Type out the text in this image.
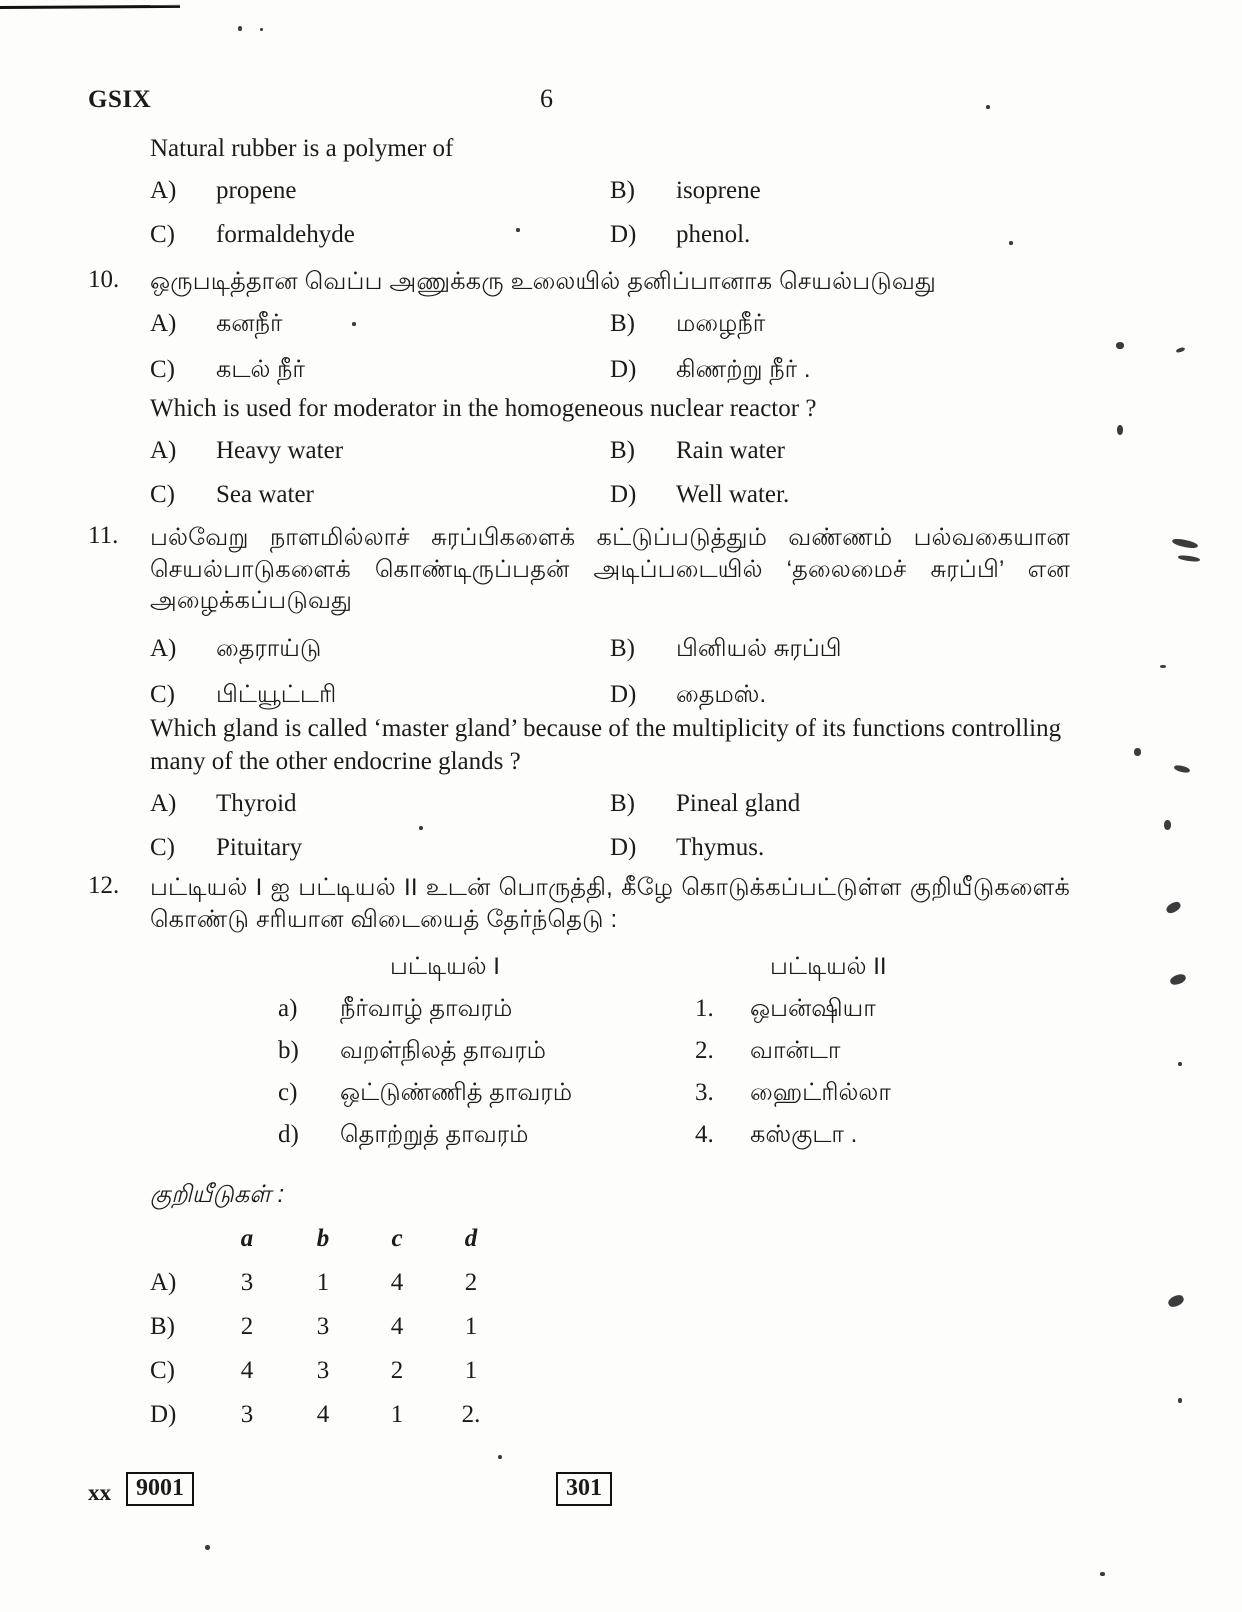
GSIX	6
Natural rubber is a polymer of
A)	propene	B)	isoprene
C)	formaldehyde	D)	phenol.
10.	ஒருபடித்தான வெப்ப அணுக்கரு உலையில் தனிப்பானாக செயல்படுவது
A)	கனநீர்	B)	மழைநீர்
C)	கடல் நீர்	D)	கிணற்று நீர் .
Which is used for moderator in the homogeneous nuclear reactor ?
A)	Heavy water	B)	Rain water
C)	Sea water	D)	Well water.
11.	பல்வேறு நாளமில்லாச் சுரப்பிகளைக் கட்டுப்படுத்தும் வண்ணம் பல்வகையான செயல்பாடுகளைக் கொண்டிருப்பதன் அடிப்படையில் ‘தலைமைச் சுரப்பி’ என அழைக்கப்படுவது
A)	தைராய்டு	B)	பினியல் சுரப்பி
C)	பிட்யூட்டரி	D)	தைமஸ்.
Which gland is called ‘master gland’ because of the multiplicity of its functions controlling many of the other endocrine glands ?
A)	Thyroid	B)	Pineal gland
C)	Pituitary	D)	Thymus.
12.	பட்டியல் I ஐ பட்டியல் II உடன் பொருத்தி, கீழே கொடுக்கப்பட்டுள்ள குறியீடுகளைக் கொண்டு சரியான விடையைத் தேர்ந்தெடு :
பட்டியல் I	பட்டியல் II
a) நீர்வாழ் தாவரம்	1. ஒபன்ஷியா
b) வறள்நிலத் தாவரம்	2. வான்டா
c) ஒட்டுண்ணித் தாவரம்	3. ஹைட்ரில்லா
d) தொற்றுத் தாவரம்	4. கஸ்குடா .
குறியீடுகள் :
a	b	c	d
A)	3	1	4	2
B)	2	3	4	1
C)	4	3	2	1
D)	3	4	1	2.
xx	9001	301
